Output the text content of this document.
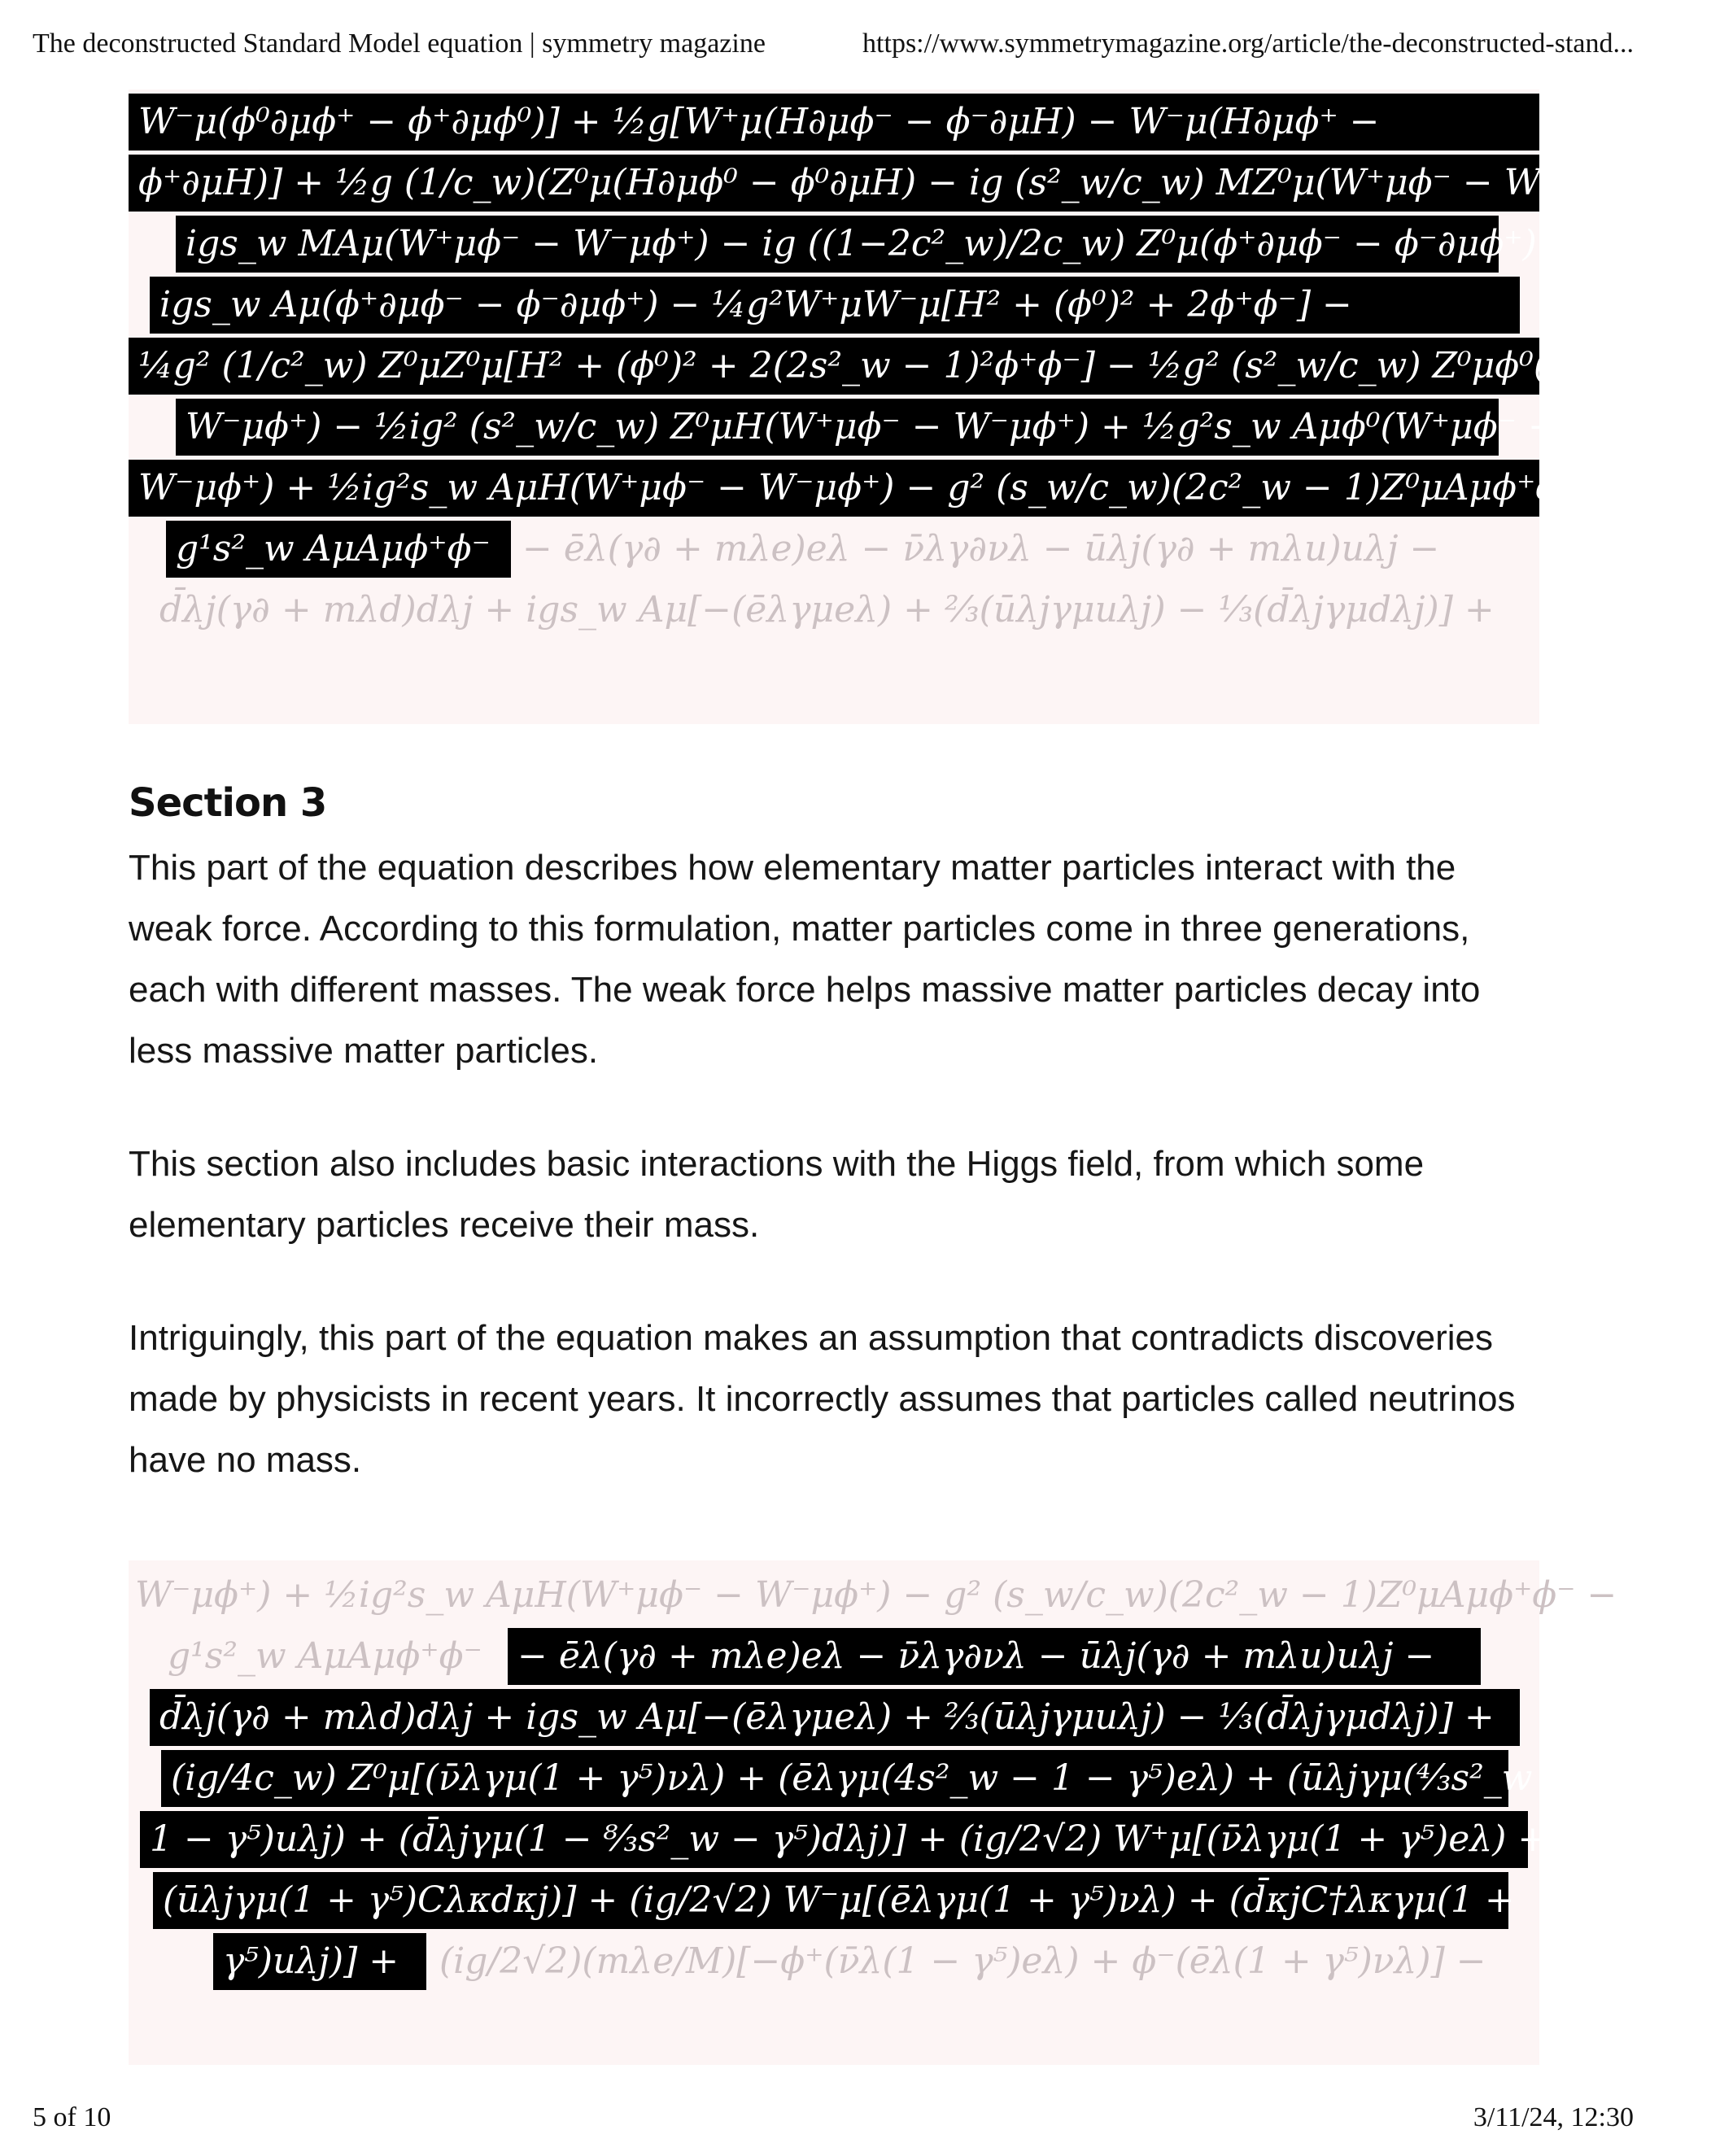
The deconstructed Standard Model equation | symmetry magazine	https://www.symmetrymagazine.org/article/the-deconstructed-stand...
W⁻μ(ϕ⁰∂μϕ⁺ − ϕ⁺∂μϕ⁰)] + ½g[W⁺μ(H∂μϕ⁻ − ϕ⁻∂μH) − W⁻μ(H∂μϕ⁺ −
ϕ⁺∂μH)] + ½g (1/c_w)(Z⁰μ(H∂μϕ⁰ − ϕ⁰∂μH) − ig (s²_w/c_w) MZ⁰μ(W⁺μϕ⁻ − W⁻μϕ⁺) +
igs_w MAμ(W⁺μϕ⁻ − W⁻μϕ⁺) − ig ((1−2c²_w)/2c_w) Z⁰μ(ϕ⁺∂μϕ⁻ − ϕ⁻∂μϕ⁺) +
igs_w Aμ(ϕ⁺∂μϕ⁻ − ϕ⁻∂μϕ⁺) − ¼g²W⁺μW⁻μ[H² + (ϕ⁰)² + 2ϕ⁺ϕ⁻] −
¼g² (1/c²_w) Z⁰μZ⁰μ[H² + (ϕ⁰)² + 2(2s²_w − 1)²ϕ⁺ϕ⁻] − ½g² (s²_w/c_w) Z⁰μϕ⁰(W⁺μϕ⁻ +
W⁻μϕ⁺) − ½ig² (s²_w/c_w) Z⁰μH(W⁺μϕ⁻ − W⁻μϕ⁺) + ½g²s_w Aμϕ⁰(W⁺μϕ⁻ +
W⁻μϕ⁺) + ½ig²s_w AμH(W⁺μϕ⁻ − W⁻μϕ⁺) − g² (s_w/c_w)(2c²_w − 1)Z⁰μAμϕ⁺ϕ⁻ −
g¹s²_w AμAμϕ⁺ϕ⁻ − ēλ(γ∂ + mλe)eλ − ν̄λγ∂νλ − ūλj(γ∂ + mλu)uλj −
d̄λj(γ∂ + mλd)dλj + igs_w Aμ[−(ēλγμeλ) + ⅔(ūλjγμuλj) − ⅓(d̄λjγμdλj)] +
Section 3

This part of the equation describes how elementary matter particles interact with the weak force. According to this formulation, matter particles come in three generations, each with different masses. The weak force helps massive matter particles decay into less massive matter particles.

This section also includes basic interactions with the Higgs field, from which some elementary particles receive their mass.

Intriguingly, this part of the equation makes an assumption that contradicts discoveries made by physicists in recent years. It incorrectly assumes that particles called neutrinos have no mass.

W⁻μϕ⁺) + ½ig²s_w AμH(W⁺μϕ⁻ − W⁻μϕ⁺) − g² (s_w/c_w)(2c²_w − 1)Z⁰μAμϕ⁺ϕ⁻ −
g¹s²_w AμAμϕ⁺ϕ⁻ − ēλ(γ∂ + mλe)eλ − ν̄λγ∂νλ − ūλj(γ∂ + mλu)uλj −
d̄λj(γ∂ + mλd)dλj + igs_w Aμ[−(ēλγμeλ) + ⅔(ūλjγμuλj) − ⅓(d̄λjγμdλj)] +
(ig/4c_w) Z⁰μ[(ν̄λγμ(1 + γ⁵)νλ) + (ēλγμ(4s²_w − 1 − γ⁵)eλ) + (ūλjγμ(⁴⁄₃s²_w −
1 − γ⁵)uλj) + (d̄λjγμ(1 − ⁸⁄₃s²_w − γ⁵)dλj)] + (ig/2√2) W⁺μ[(ν̄λγμ(1 + γ⁵)eλ) +
(ūλjγμ(1 + γ⁵)Cλκdκj)] + (ig/2√2) W⁻μ[(ēλγμ(1 + γ⁵)νλ) + (d̄κjC†λκγμ(1 +
γ⁵)uλj)] +	(ig/2√2)(mλe/M)[−ϕ⁺(ν̄λ(1 − γ⁵)eλ) + ϕ⁻(ēλ(1 + γ⁵)νλ)] −
5 of 10	3/11/24, 12:30
